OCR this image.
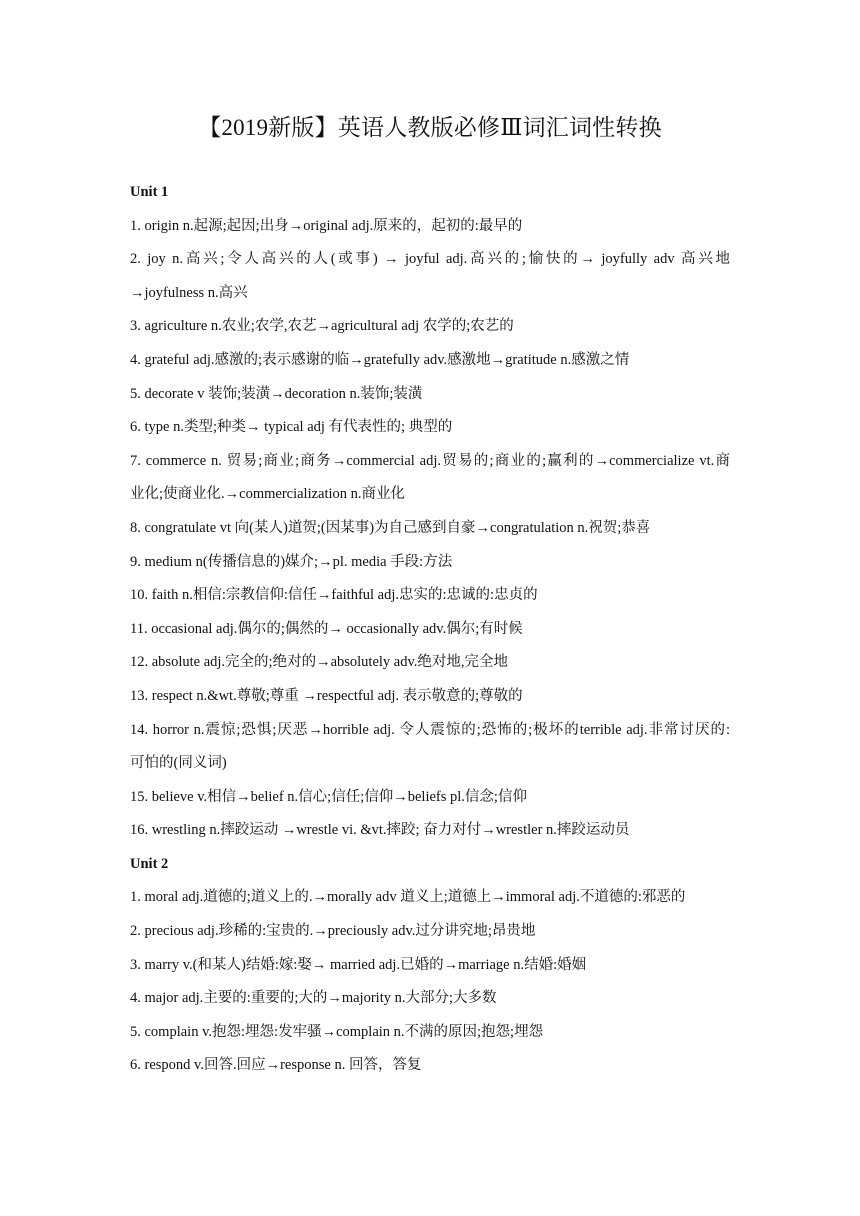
【2019新版】英语人教版必修Ⅲ词汇词性转换
Unit 1
1. origin n.起源;起因;出身→original adj.原来的，起初的:最早的
2. joy n.高兴;令人高兴的人(或事) → joyful adj.高兴的;愉快的→ joyfully adv 高兴地
→joyfulness n.高兴
3. agriculture n.农业;农学,农艺→agricultural adj 农学的;农艺的
4. grateful adj.感激的;表示感谢的临→gratefully adv.感激地→gratitude n.感激之情
5. decorate v 装饰;装潢→decoration n.装饰;装潢
6. type n.类型;种类→ typical adj 有代表性的; 典型的
7. commerce n. 贸易;商业;商务→commercial adj.贸易的;商业的;赢利的→commercialize vt.商
业化;使商业化.→commercialization n.商业化
8. congratulate vt 向(某人)道贺;(因某事)为自己感到自豪→congratulation n.祝贺;恭喜
9. medium n(传播信息的)媒介;→pl. media 手段:方法
10. faith n.相信:宗教信仰:信任→faithful adj.忠实的:忠诚的:忠贞的
11. occasional adj.偶尔的;偶然的→ occasionally adv.偶尔;有时候
12. absolute adj.完全的;绝对的→absolutely adv.绝对地,完全地
13. respect n.&wt.尊敬;尊重 →respectful adj. 表示敬意的;尊敬的
14. horror n.震惊;恐惧;厌恶→horrible adj. 令人震惊的;恐怖的;极坏的terrible adj.非常讨厌的:
可怕的(同义词)
15. believe v.相信→belief n.信心;信任;信仰→beliefs pl.信念;信仰
16. wrestling n.摔跤运动 →wrestle vi. &vt.摔跤; 奋力对付→wrestler n.摔跤运动员
Unit 2
1. moral adj.道德的;道义上的.→morally adv 道义上;道德上→immoral adj.不道德的:邪恶的
2. precious adj.珍稀的:宝贵的.→preciously adv.过分讲究地;昂贵地
3. marry v.(和某人)结婚:嫁:娶→ married adj.已婚的→marriage n.结婚:婚姻
4. major adj.主要的:重要的;大的→majority n.大部分;大多数
5. complain v.抱怨:埋怨:发牢骚→complain n.不满的原因;抱怨;埋怨
6. respond v.回答.回应→response n. 回答，答复
